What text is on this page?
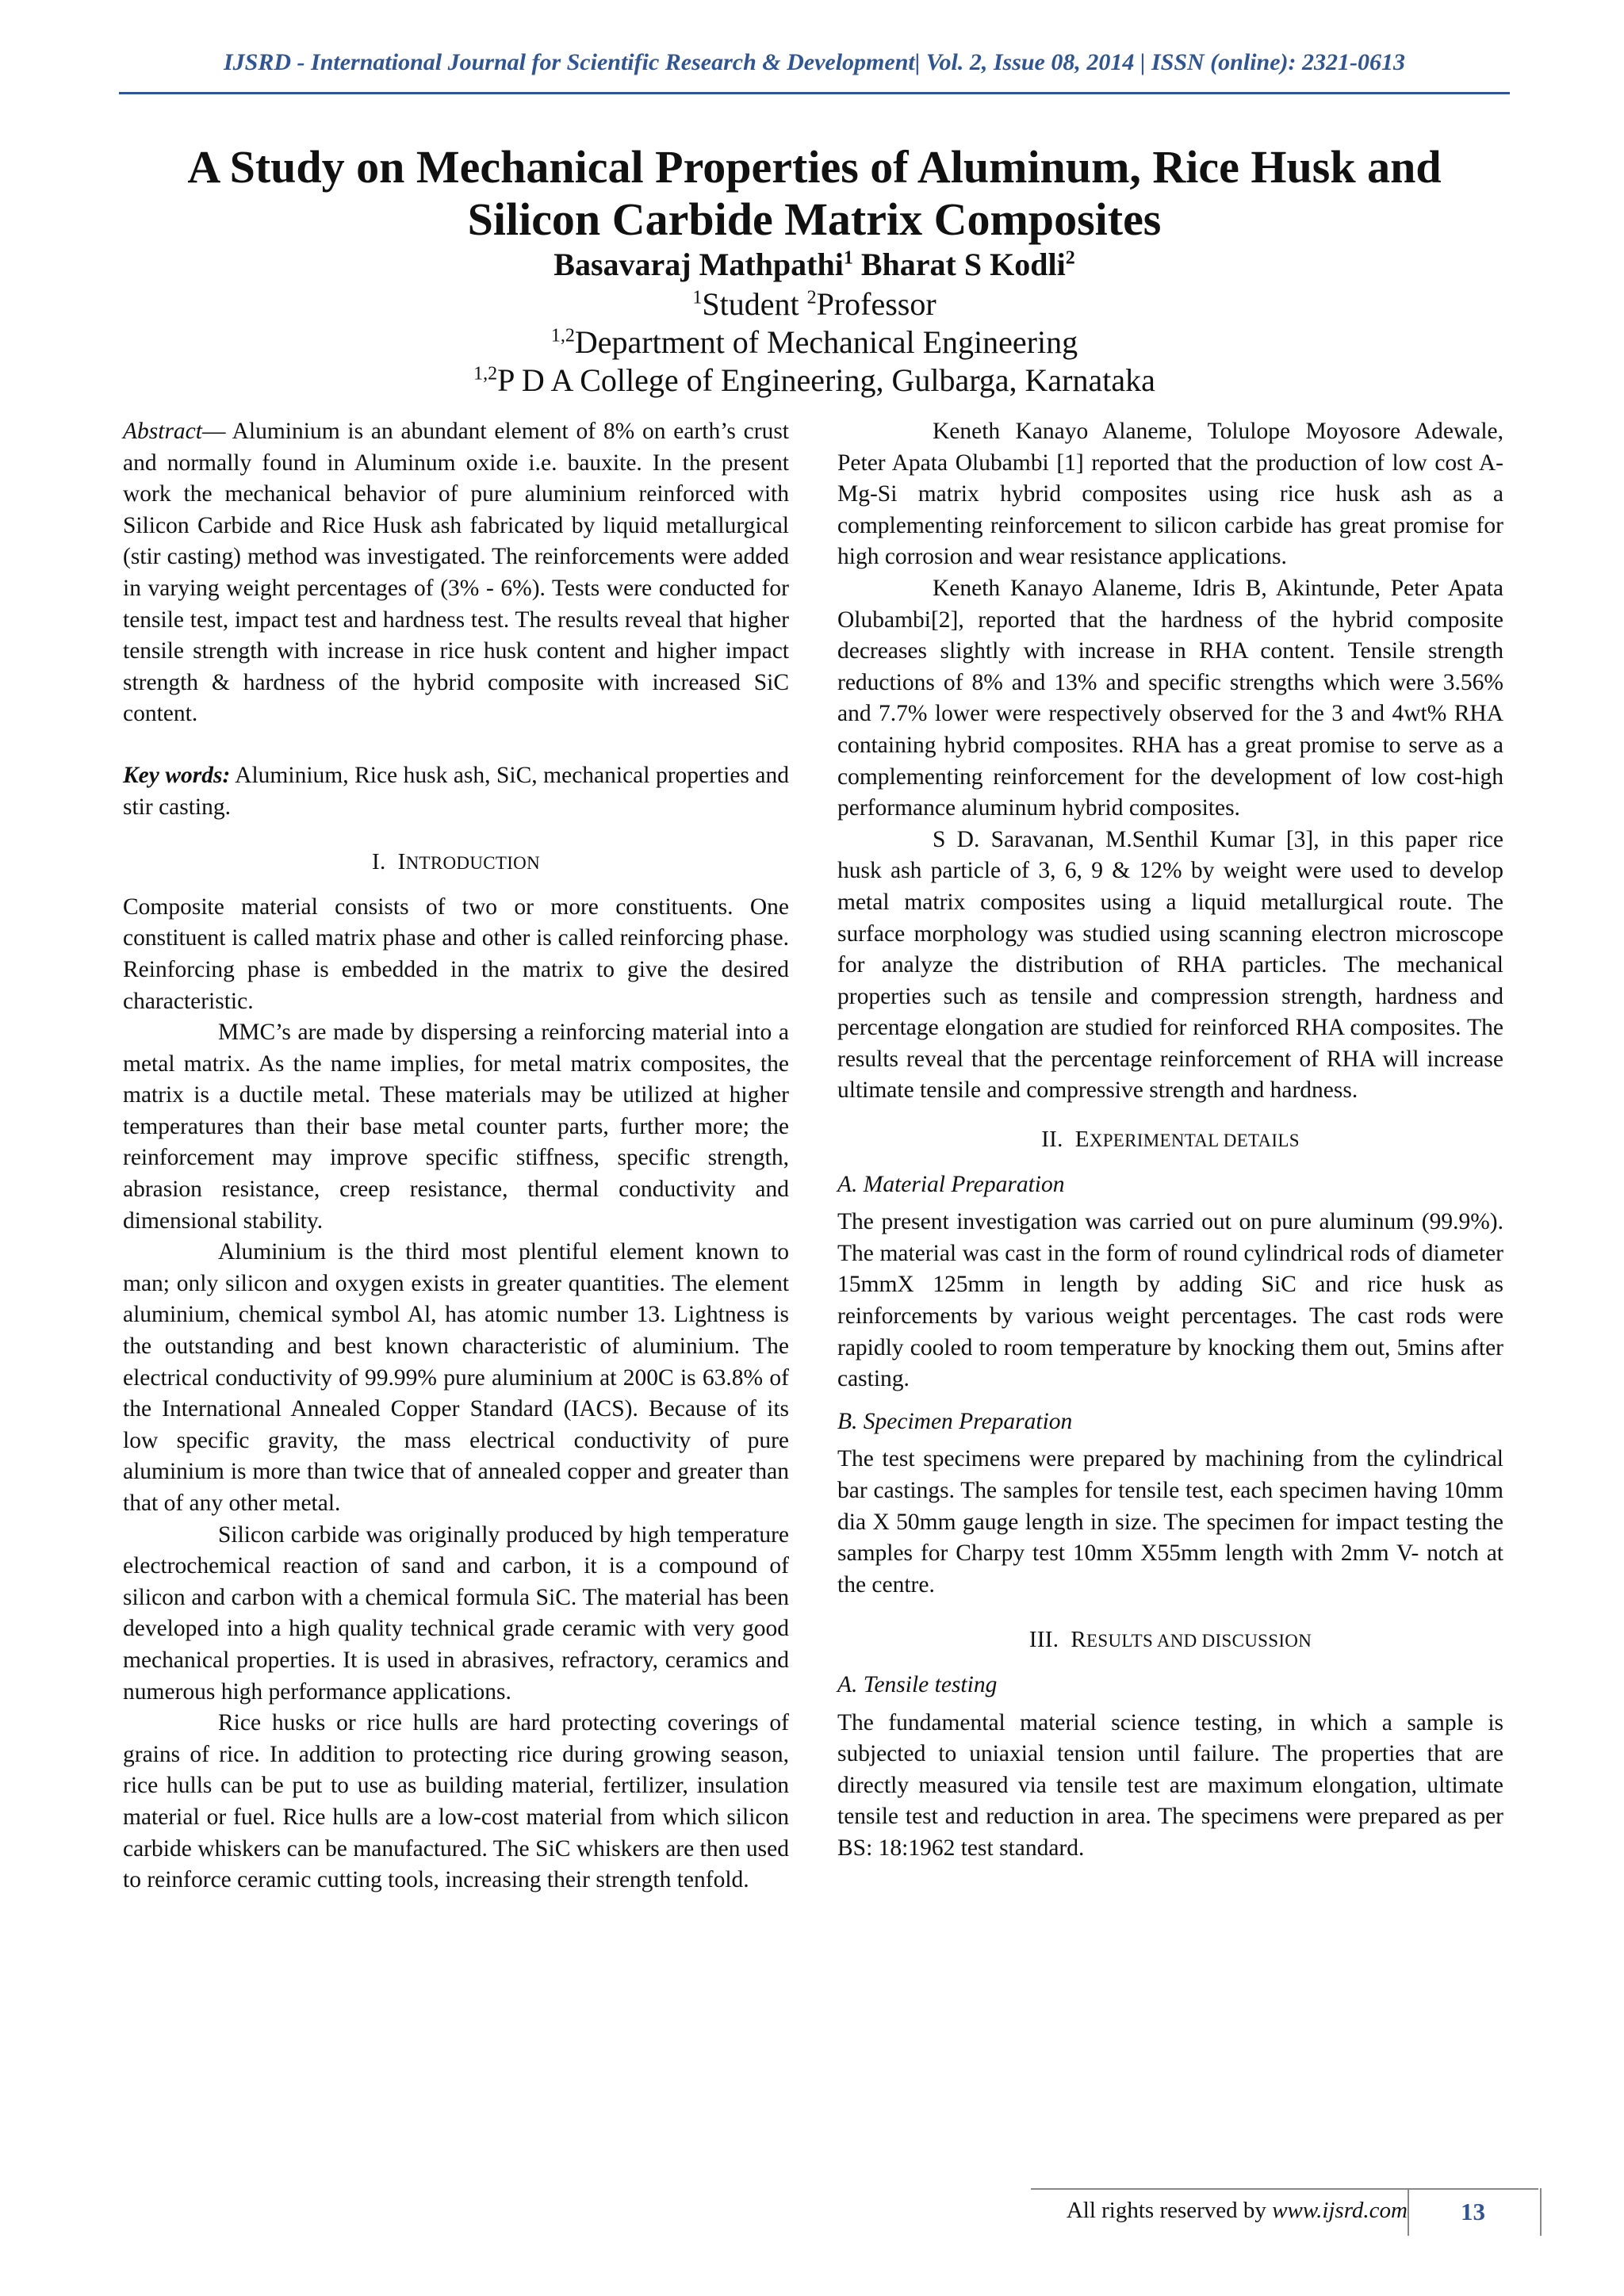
IJSRD - International Journal for Scientific Research & Development| Vol. 2, Issue 08, 2014 | ISSN (online): 2321-0613
A Study on Mechanical Properties of Aluminum, Rice Husk and Silicon Carbide Matrix Composites
Basavaraj Mathpathi$^1$ Bharat S Kodli$^2$
$^1$Student $^2$Professor
$^{1,2}$Department of Mechanical Engineering
$^{1,2}$P D A College of Engineering, Gulbarga, Karnataka

Abstract— Aluminium is an abundant element of 8% on earth’s crust and normally found in Aluminum oxide i.e. bauxite. In the present work the mechanical behavior of pure aluminium reinforced with Silicon Carbide and Rice Husk ash fabricated by liquid metallurgical (stir casting) method was investigated. The reinforcements were added in varying weight percentages of (3% - 6%). Tests were conducted for tensile test, impact test and hardness test. The results reveal that higher tensile strength with increase in rice husk content and higher impact strength & hardness of the hybrid composite with increased SiC content.

Key words: Aluminium, Rice husk ash, SiC, mechanical properties and stir casting.

I. INTRODUCTION

Composite material consists of two or more constituents. One constituent is called matrix phase and other is called reinforcing phase. Reinforcing phase is embedded in the matrix to give the desired characteristic.

MMC’s are made by dispersing a reinforcing material into a metal matrix. As the name implies, for metal matrix composites, the matrix is a ductile metal. These materials may be utilized at higher temperatures than their base metal counter parts, further more; the reinforcement may improve specific stiffness, specific strength, abrasion resistance, creep resistance, thermal conductivity and dimensional stability.

Aluminium is the third most plentiful element known to man; only silicon and oxygen exists in greater quantities. The element aluminium, chemical symbol Al, has atomic number 13. Lightness is the outstanding and best known characteristic of aluminium. The electrical conductivity of 99.99% pure aluminium at 200C is 63.8% of the International Annealed Copper Standard (IACS). Because of its low specific gravity, the mass electrical conductivity of pure aluminium is more than twice that of annealed copper and greater than that of any other metal.

Silicon carbide was originally produced by high temperature electrochemical reaction of sand and carbon, it is a compound of silicon and carbon with a chemical formula SiC. The material has been developed into a high quality technical grade ceramic with very good mechanical properties. It is used in abrasives, refractory, ceramics and numerous high performance applications.

Rice husks or rice hulls are hard protecting coverings of grains of rice. In addition to protecting rice during growing season, rice hulls can be put to use as building material, fertilizer, insulation material or fuel. Rice hulls are a low-cost material from which silicon carbide whiskers can be manufactured. The SiC whiskers are then used to reinforce ceramic cutting tools, increasing their strength tenfold.

Keneth Kanayo Alaneme, Tolulope Moyosore Adewale, Peter Apata Olubambi [1] reported that the production of low cost A-Mg-Si matrix hybrid composites using rice husk ash as a complementing reinforcement to silicon carbide has great promise for high corrosion and wear resistance applications.

Keneth Kanayo Alaneme, Idris B, Akintunde, Peter Apata Olubambi[2], reported that the hardness of the hybrid composite decreases slightly with increase in RHA content. Tensile strength reductions of 8% and 13% and specific strengths which were 3.56% and 7.7% lower were respectively observed for the 3 and 4wt% RHA containing hybrid composites. RHA has a great promise to serve as a complementing reinforcement for the development of low cost-high performance aluminum hybrid composites.

S D. Saravanan, M.Senthil Kumar [3], in this paper rice husk ash particle of 3, 6, 9 & 12% by weight were used to develop metal matrix composites using a liquid metallurgical route. The surface morphology was studied using scanning electron microscope for analyze the distribution of RHA particles. The mechanical properties such as tensile and compression strength, hardness and percentage elongation are studied for reinforced RHA composites. The results reveal that the percentage reinforcement of RHA will increase ultimate tensile and compressive strength and hardness.

II. EXPERIMENTAL DETAILS
A. Material Preparation

The present investigation was carried out on pure aluminum (99.9%). The material was cast in the form of round cylindrical rods of diameter 15mmX 125mm in length by adding SiC and rice husk as reinforcements by various weight percentages. The cast rods were rapidly cooled to room temperature by knocking them out, 5mins after casting.

B. Specimen Preparation

The test specimens were prepared by machining from the cylindrical bar castings. The samples for tensile test, each specimen having 10mm dia X 50mm gauge length in size. The specimen for impact testing the samples for Charpy test 10mm X55mm length with 2mm V- notch at the centre.

III. RESULTS AND DISCUSSION
A. Tensile testing

The fundamental material science testing, in which a sample is subjected to uniaxial tension until failure. The properties that are directly measured via tensile test are maximum elongation, ultimate tensile test and reduction in area. The specimens were prepared as per BS: 18:1962 test standard.

All rights reserved by www.ijsrd.com	13
